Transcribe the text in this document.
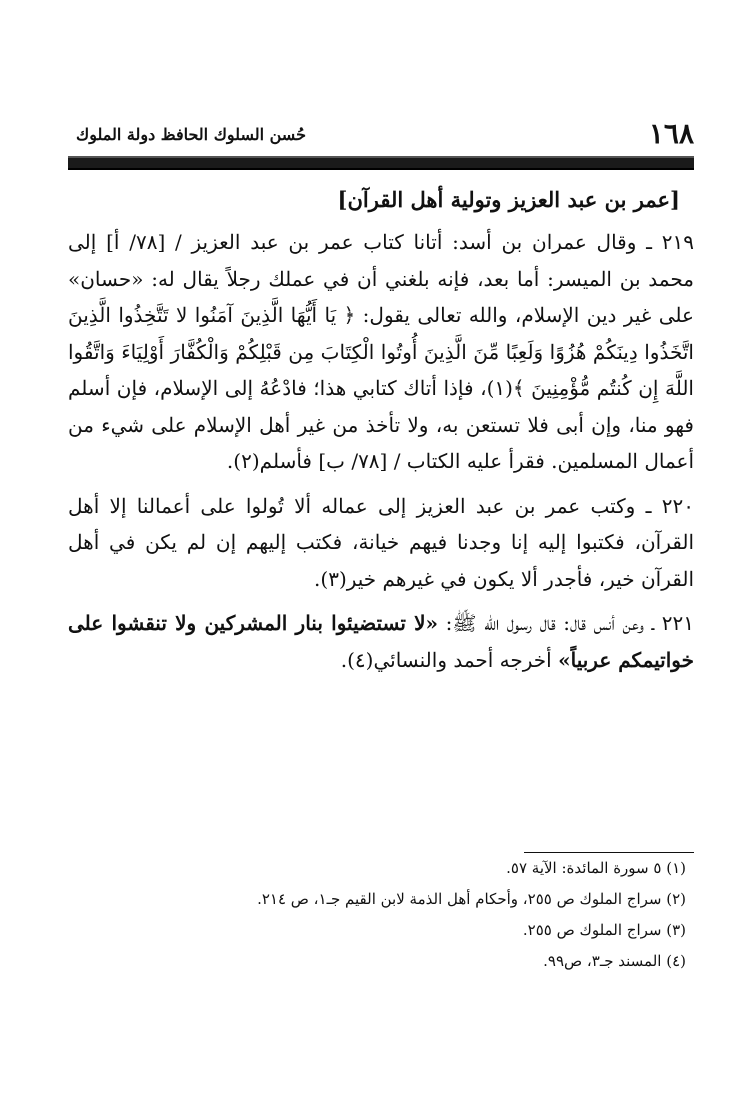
١٦٨
حُسن السلوك الحافظ دولة الملوك
[عمر بن عبد العزيز وتولية أهل القرآن]

٢١٩ ـ وقال عمران بن أسد: أتانا كتاب عمر بن عبد العزيز / [٧٨/ أ] إلى محمد بن الميسر: أما بعد، فإنه بلغني أن في عملك رجلاً يقال له: «حسان» على غير دين الإسلام، والله تعالى يقول: ﴿ يَا أَيُّهَا الَّذِينَ آمَنُوا لا تَتَّخِذُوا الَّذِينَ اتَّخَذُوا دِينَكُمْ هُزُوًا وَلَعِبًا مِّنَ الَّذِينَ أُوتُوا الْكِتَابَ مِن قَبْلِكُمْ وَالْكُفَّارَ أَوْلِيَاءَ وَاتَّقُوا اللَّهَ إِن كُنتُم مُّؤْمِنِينَ ﴾(١)، فإذا أتاك كتابي هذا؛ فادْعُهُ إلى الإسلام، فإن أسلم فهو منا، وإن أبى فلا تستعن به، ولا تأخذ من غير أهل الإسلام على شيء من أعمال المسلمين. فقرأ عليه الكتاب / [٧٨/ ب] فأسلم(٢).

٢٢٠ ـ وكتب عمر بن عبد العزيز إلى عماله ألا تُولوا على أعمالنا إلا أهل القرآن، فكتبوا إليه إنا وجدنا فيهم خيانة، فكتب إليهم إن لم يكن في أهل القرآن خير، فأجدر ألا يكون في غيرهم خير(٣).

٢٢١ ـ وعن أنس قال: قال رسول الله ﷺ: «لا تستضيئوا بنار المشركين ولا تنقشوا على خواتيمكم عربياً» أخرجه أحمد والنسائي(٤).

(١) ٥ سورة المائدة: الآية ٥٧.
(٢) سراج الملوك ص ٢٥٥، وأحكام أهل الذمة لابن القيم جـ١، ص ٢١٤.
(٣) سراج الملوك ص ٢٥٥.
(٤) المسند جـ٣، ص٩٩.
